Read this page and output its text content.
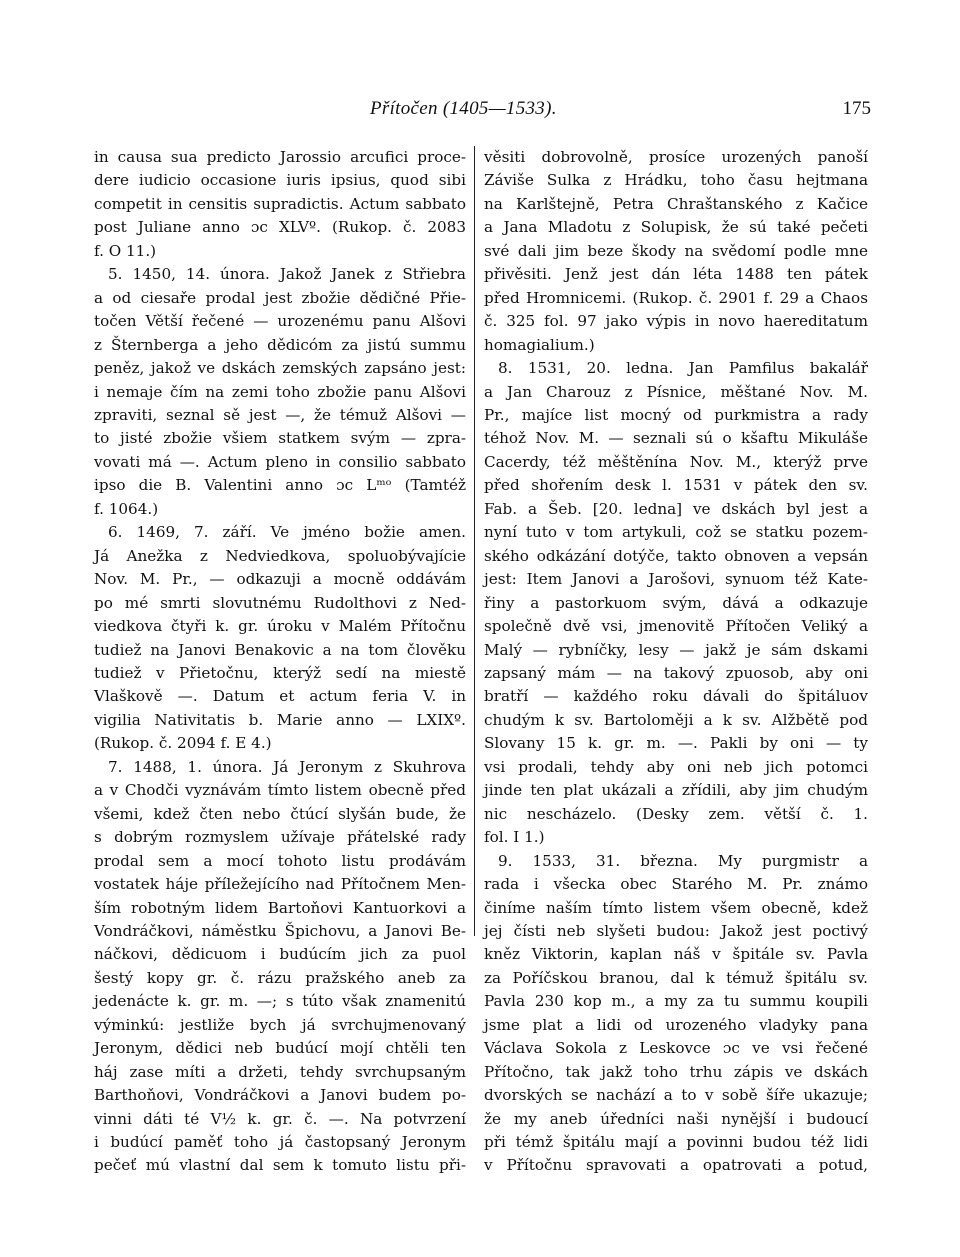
Přítočen (1405—1533).	175
in causa sua predicto Jarossio arcufici proce-
dere iudicio occasione iuris ipsius, quod sibi
competit in censitis supradictis. Actum sabbato
post Juliane anno ɔc XLVº. (Rukop. č. 2083
f. O 11.)
5. 1450, 14. února. Jakož Janek z Střiebra
a od ciesaře prodal jest zbožie dědičné Přie-
točen Větší řečené — urozenému panu Alšovi
z Šternberga a jeho dědicóm za jistú summu
peněz, jakož ve dskách zemských zapsáno jest:
i nemaje čím na zemi toho zbožie panu Alšovi
zpraviti, seznal sě jest —, že témuž Alšovi —
to jisté zbožie všiem statkem svým — zpra-
vovati má —. Actum pleno in consilio sabbato
ipso die B. Valentini anno ɔc Lᵐᵒ (Tamtéž
f. 1064.)
6. 1469, 7. září. Ve jméno božie amen.
Já Anežka z Nedviedkova, spoluobývajície
Nov. M. Pr., — odkazuji a mocně oddávám
po mé smrti slovutnému Rudolthovi z Ned-
viedkova čtyři k. gr. úroku v Malém Přítočnu
tudiež na Janovi Benakovic a na tom člověku
tudiež v Přietočnu, kterýž sedí na miestě
Vlaškově —. Datum et actum feria V. in
vigilia Nativitatis b. Marie anno — LXIXº.
(Rukop. č. 2094 f. E 4.)
7. 1488, 1. února. Já Jeronym z Skuhrova
a v Chodči vyznávám tímto listem obecně před
všemi, kdež čten nebo čtúcí slyšán bude, že
s dobrým rozmyslem užívaje přátelské rady
prodal sem a mocí tohoto listu prodávám
vostatek háje příležejícího nad Přítočnem Men-
ším robotným lidem Bartoňovi Kantuorkovi a
Vondráčkovi, náměstku Špichovu, a Janovi Be-
náčkovi, dědicuom i budúcím jich za puol
šestý kopy gr. č. rázu pražského aneb za
jedenácte k. gr. m. —; s túto však znamenitú
výminkú: jestliže bych já svrchujmenovaný
Jeronym, dědici neb budúcí mojí chtěli ten
háj zase míti a držeti, tehdy svrchupsaným
Barthoňovi, Vondráčkovi a Janovi budem po-
vinni dáti té V½ k. gr. č. —. Na potvrzení
i budúcí paměť toho já častopsaný Jeronym
pečeť mú vlastní dal sem k tomuto listu při-
věsiti dobrovolně, prosíce urozených panoší
Záviše Sulka z Hrádku, toho času hejtmana
na Karlštejně, Petra Chraštanského z Kačice
a Jana Mladotu z Solupisk, že sú také pečeti
své dali jim beze škody na svědomí podle mne
přivěsiti. Jenž jest dán léta 1488 ten pátek
před Hromnicemi. (Rukop. č. 2901 f. 29 a Chaos
č. 325 fol. 97 jako výpis in novo haereditatum
homagialium.)
8. 1531, 20. ledna. Jan Pamfilus bakalář
a Jan Charouz z Písnice, měštané Nov. M.
Pr., majíce list mocný od purkmistra a rady
téhož Nov. M. — seznali sú o kšaftu Mikuláše
Cacerdy, též měštěnína Nov. M., kterýž prve
před shořením desk l. 1531 v pátek den sv.
Fab. a Šeb. [20. ledna] ve dskách byl jest a
nyní tuto v tom artykuli, což se statku pozem-
ského odkázání dotýče, takto obnoven a vepsán
jest: Item Janovi a Jarošovi, synuom též Kate-
řiny a pastorkuom svým, dává a odkazuje
společně dvě vsi, jmenovitě Přítočen Veliký a
Malý — rybníčky, lesy — jakž je sám dskami
zapsaný mám — na takový zpuosob, aby oni
bratří — každého roku dávali do špitáluov
chudým k sv. Bartoloměji a k sv. Alžbětě pod
Slovany 15 k. gr. m. —. Pakli by oni — ty
vsi prodali, tehdy aby oni neb jich potomci
jinde ten plat ukázali a zřídili, aby jim chudým
nic nescházelo. (Desky zem. větší č. 1.
fol. I 1.)
9. 1533, 31. března. My purgmistr a
rada i všecka obec Starého M. Pr. známo
činíme naším tímto listem všem obecně, kdež
jej čísti neb slyšeti budou: Jakož jest poctivý
kněz Viktorin, kaplan náš v špitále sv. Pavla
za Poříčskou branou, dal k témuž špitálu sv.
Pavla 230 kop m., a my za tu summu koupili
jsme plat a lidi od urozeného vladyky pana
Václava Sokola z Leskovce ɔc ve vsi řečené
Přítočno, tak jakž toho trhu zápis ve dskách
dvorských se nachází a to v sobě šíře ukazuje;
že my aneb úředníci naši nynější i budoucí
při témž špitálu mají a povinni budou též lidi
v Přítočnu spravovati a opatrovati a potud,
